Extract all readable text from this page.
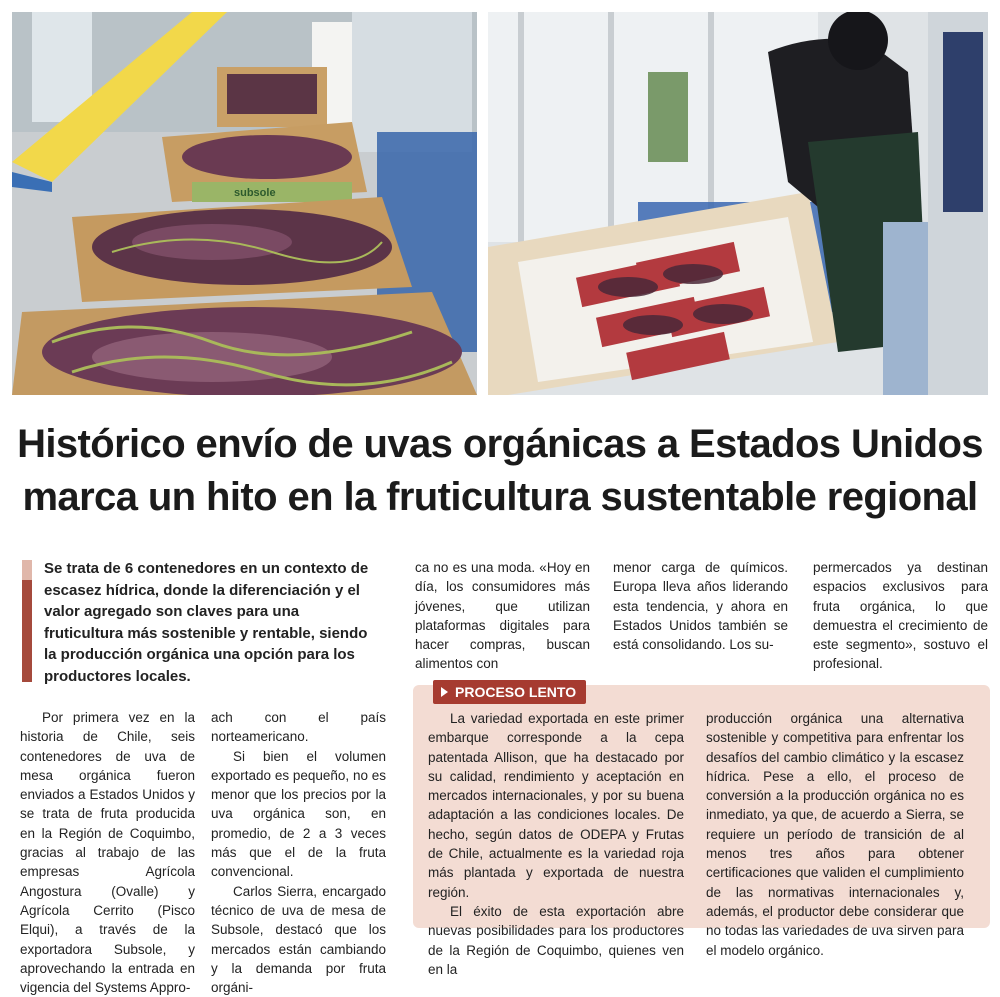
subsole
Histórico envío de uvas orgánicas a Estados Unidos
marca un hito en la fruticultura sustentable regional

Se trata de 6 contenedores en un contexto de escasez hídrica, donde la diferenciación y el valor agregado son claves para una fruticultura más sostenible y rentable, siendo la producción orgánica una opción para los productores locales.

Por primera vez en la historia de Chile, seis contenedores de uva de mesa orgánica fueron enviados a Estados Unidos y se trata de fruta producida en la Región de Coquimbo, gracias al trabajo de las empresas Agrícola Angostura (Ovalle) y Agrícola Cerrito (Pisco Elqui), a través de la exportadora Subsole, y aprovechando la entrada en vigencia del Systems Appro-

ach con el país norteamericano.

Si bien el volumen exportado es pequeño, no es menor que los precios por la uva orgánica son, en promedio, de 2 a 3 veces más que el de la fruta convencional.

Carlos Sierra, encargado técnico de uva de mesa de Subsole, destacó que los mercados están cambiando y la demanda por fruta orgáni-

ca no es una moda. «Hoy en día, los consumidores más jóvenes, que utilizan plataformas digitales para hacer compras, buscan alimentos con

menor carga de químicos. Europa lleva años liderando esta tendencia, y ahora en Estados Unidos también se está consolidando. Los su-

permercados ya destinan espacios exclusivos para fruta orgánica, lo que demuestra el crecimiento de este segmento», sostuvo el profesional.

PROCESO LENTO

La variedad exportada en este primer embarque corresponde a la cepa patentada Allison, que ha destacado por su calidad, rendimiento y aceptación en mercados internacionales, y por su buena adaptación a las condiciones locales. De hecho, según datos de ODEPA y Frutas de Chile, actualmente es la variedad roja más plantada y exportada de nuestra región.

El éxito de esta exportación abre nuevas posibilidades para los productores de la Región de Coquimbo, quienes ven en la

producción orgánica una alternativa sostenible y competitiva para enfrentar los desafíos del cambio climático y la escasez hídrica. Pese a ello, el proceso de conversión a la producción orgánica no es inmediato, ya que, de acuerdo a Sierra, se requiere un período de transición de al menos tres años para obtener certificaciones que validen el cumplimiento de las normativas internacionales y, además, el productor debe considerar que no todas las variedades de uva sirven para el modelo orgánico.
